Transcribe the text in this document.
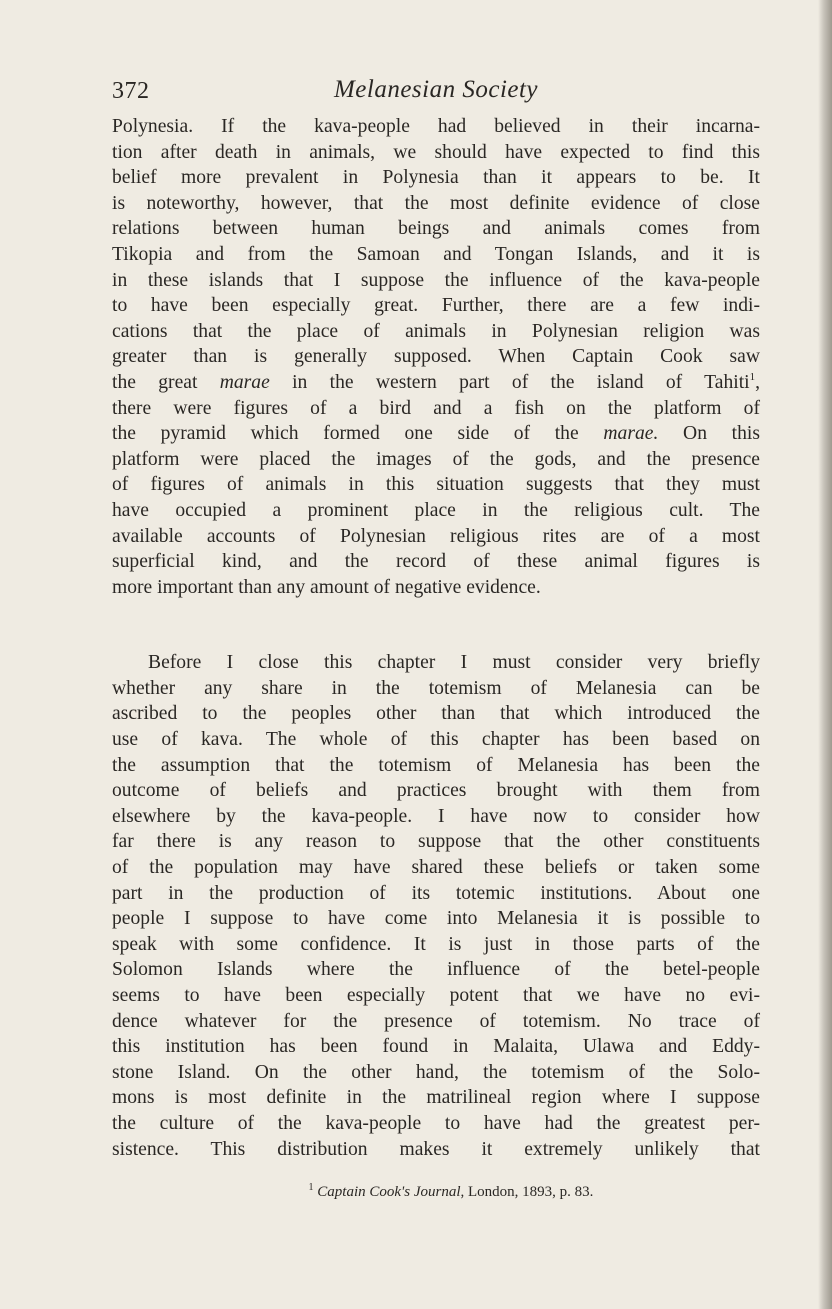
372	Melanesian Society
Polynesia. If the kava-people had believed in their incarna-
tion after death in animals, we should have expected to find this
belief more prevalent in Polynesia than it appears to be. It
is noteworthy, however, that the most definite evidence of close
relations between human beings and animals comes from
Tikopia and from the Samoan and Tongan Islands, and it is
in these islands that I suppose the influence of the kava-people
to have been especially great. Further, there are a few indi-
cations that the place of animals in Polynesian religion was
greater than is generally supposed. When Captain Cook saw
the great marae in the western part of the island of Tahiti$^1$,
there were figures of a bird and a fish on the platform of
the pyramid which formed one side of the marae. On this
platform were placed the images of the gods, and the presence
of figures of animals in this situation suggests that they must
have occupied a prominent place in the religious cult. The
available accounts of Polynesian religious rites are of a most
superficial kind, and the record of these animal figures is
more important than any amount of negative evidence.
Before I close this chapter I must consider very briefly
whether any share in the totemism of Melanesia can be
ascribed to the peoples other than that which introduced the
use of kava. The whole of this chapter has been based on
the assumption that the totemism of Melanesia has been the
outcome of beliefs and practices brought with them from
elsewhere by the kava-people. I have now to consider how
far there is any reason to suppose that the other constituents
of the population may have shared these beliefs or taken some
part in the production of its totemic institutions. About one
people I suppose to have come into Melanesia it is possible to
speak with some confidence. It is just in those parts of the
Solomon Islands where the influence of the betel-people
seems to have been especially potent that we have no evi-
dence whatever for the presence of totemism. No trace of
this institution has been found in Malaita, Ulawa and Eddy-
stone Island. On the other hand, the totemism of the Solo-
mons is most definite in the matrilineal region where I suppose
the culture of the kava-people to have had the greatest per-
sistence. This distribution makes it extremely unlikely that
$^1$ Captain Cook's Journal, London, 1893, p. 83.
